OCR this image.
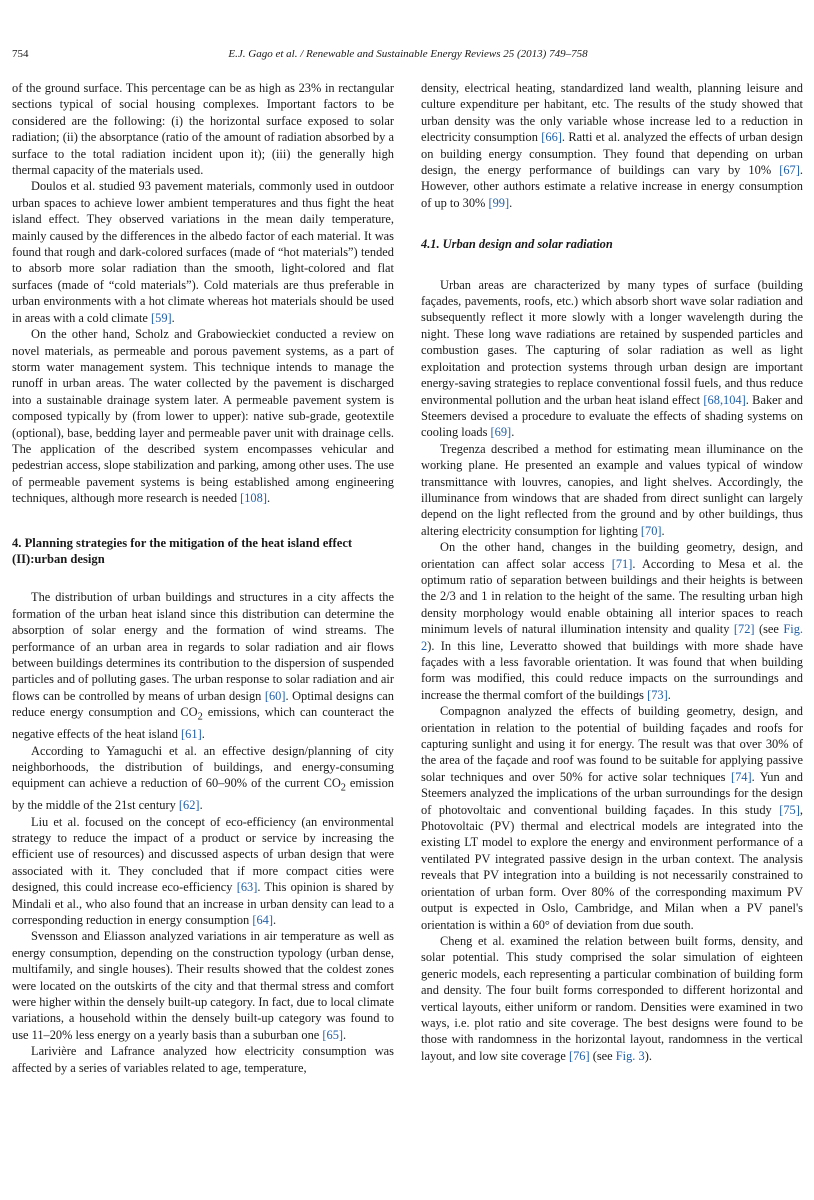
754	E.J. Gago et al. / Renewable and Sustainable Energy Reviews 25 (2013) 749–758

of the ground surface. This percentage can be as high as 23% in rectangular sections typical of social housing complexes. Important factors to be considered are the following: (i) the horizontal surface exposed to solar radiation; (ii) the absorptance (ratio of the amount of radiation absorbed by a surface to the total radiation incident upon it); (iii) the generally high thermal capacity of the materials used.

Doulos et al. studied 93 pavement materials, commonly used in outdoor urban spaces to achieve lower ambient temperatures and thus fight the heat island effect. They observed variations in the mean daily temperature, mainly caused by the differences in the albedo factor of each material. It was found that rough and dark-colored surfaces (made of “hot materials”) tended to absorb more solar radiation than the smooth, light-colored and flat surfaces (made of “cold materials”). Cold materials are thus preferable in urban environments with a hot climate whereas hot materials should be used in areas with a cold climate [59].

On the other hand, Scholz and Grabowieckiet conducted a review on novel materials, as permeable and porous pavement systems, as a part of storm water management system. This technique intends to manage the runoff in urban areas. The water collected by the pavement is discharged into a sustainable drainage system later. A permeable pavement system is composed typically by (from lower to upper): native sub-grade, geotextile (optional), base, bedding layer and permeable paver unit with drainage cells. The application of the described system encompasses vehicular and pedestrian access, slope stabilization and parking, among other uses. The use of permeable pavement systems is being established among engineering techniques, although more research is needed [108].

4. Planning strategies for the mitigation of the heat island effect (II):urban design

The distribution of urban buildings and structures in a city affects the formation of the urban heat island since this distribution can determine the absorption of solar energy and the formation of wind streams. The performance of an urban area in regards to solar radiation and air flows between buildings determines its contribution to the dispersion of suspended particles and of polluting gases. The urban response to solar radiation and air flows can be controlled by means of urban design [60]. Optimal designs can reduce energy consumption and $CO_2$ emissions, which can counteract the negative effects of the heat island [61].

According to Yamaguchi et al. an effective design/planning of city neighborhoods, the distribution of buildings, and energy-consuming equipment can achieve a reduction of 60–90% of the current $CO_2$ emission by the middle of the 21st century [62].

Liu et al. focused on the concept of eco-efficiency (an environmental strategy to reduce the impact of a product or service by increasing the efficient use of resources) and discussed aspects of urban design that were associated with it. They concluded that if more compact cities were designed, this could increase eco-efficiency [63]. This opinion is shared by Mindali et al., who also found that an increase in urban density can lead to a corresponding reduction in energy consumption [64].

Svensson and Eliasson analyzed variations in air temperature as well as energy consumption, depending on the construction typology (urban dense, multifamily, and single houses). Their results showed that the coldest zones were located on the outskirts of the city and that thermal stress and comfort were higher within the densely built-up category. In fact, due to local climate variations, a household within the densely built-up category was found to use 11–20% less energy on a yearly basis than a suburban one [65].

Larivière and Lafrance analyzed how electricity consumption was affected by a series of variables related to age, temperature,

density, electrical heating, standardized land wealth, planning leisure and culture expenditure per habitant, etc. The results of the study showed that urban density was the only variable whose increase led to a reduction in electricity consumption [66]. Ratti et al. analyzed the effects of urban design on building energy consumption. They found that depending on urban design, the energy performance of buildings can vary by 10% [67]. However, other authors estimate a relative increase in energy consumption of up to 30% [99].

4.1. Urban design and solar radiation

Urban areas are characterized by many types of surface (building façades, pavements, roofs, etc.) which absorb short wave solar radiation and subsequently reflect it more slowly with a longer wavelength during the night. These long wave radiations are retained by suspended particles and combustion gases. The capturing of solar radiation as well as light exploitation and protection systems through urban design are important energy-saving strategies to replace conventional fossil fuels, and thus reduce environmental pollution and the urban heat island effect [68,104]. Baker and Steemers devised a procedure to evaluate the effects of shading systems on cooling loads [69].

Tregenza described a method for estimating mean illuminance on the working plane. He presented an example and values typical of window transmittance with louvres, canopies, and light shelves. Accordingly, the illuminance from windows that are shaded from direct sunlight can largely depend on the light reflected from the ground and by other buildings, thus altering electricity consumption for lighting [70].

On the other hand, changes in the building geometry, design, and orientation can affect solar access [71]. According to Mesa et al. the optimum ratio of separation between buildings and their heights is between the 2/3 and 1 in relation to the height of the same. The resulting urban high density morphology would enable obtaining all interior spaces to reach minimum levels of natural illumination intensity and quality [72] (see Fig. 2). In this line, Leveratto showed that buildings with more shade have façades with a less favorable orientation. It was found that when building form was modified, this could reduce impacts on the surroundings and increase the thermal comfort of the buildings [73].

Compagnon analyzed the effects of building geometry, design, and orientation in relation to the potential of building façades and roofs for capturing sunlight and using it for energy. The result was that over 30% of the area of the façade and roof was found to be suitable for applying passive solar techniques and over 50% for active solar techniques [74]. Yun and Steemers analyzed the implications of the urban surroundings for the design of photovoltaic and conventional building façades. In this study [75], Photovoltaic (PV) thermal and electrical models are integrated into the existing LT model to explore the energy and environment performance of a ventilated PV integrated passive design in the urban context. The analysis reveals that PV integration into a building is not necessarily constrained to orientation of urban form. Over 80% of the corresponding maximum PV output is expected in Oslo, Cambridge, and Milan when a PV panel's orientation is within a 60° of deviation from due south.

Cheng et al. examined the relation between built forms, density, and solar potential. This study comprised the solar simulation of eighteen generic models, each representing a particular combination of building form and density. The four built forms corresponded to different horizontal and vertical layouts, either uniform or random. Densities were examined in two ways, i.e. plot ratio and site coverage. The best designs were found to be those with randomness in the horizontal layout, randomness in the vertical layout, and low site coverage [76] (see Fig. 3).
